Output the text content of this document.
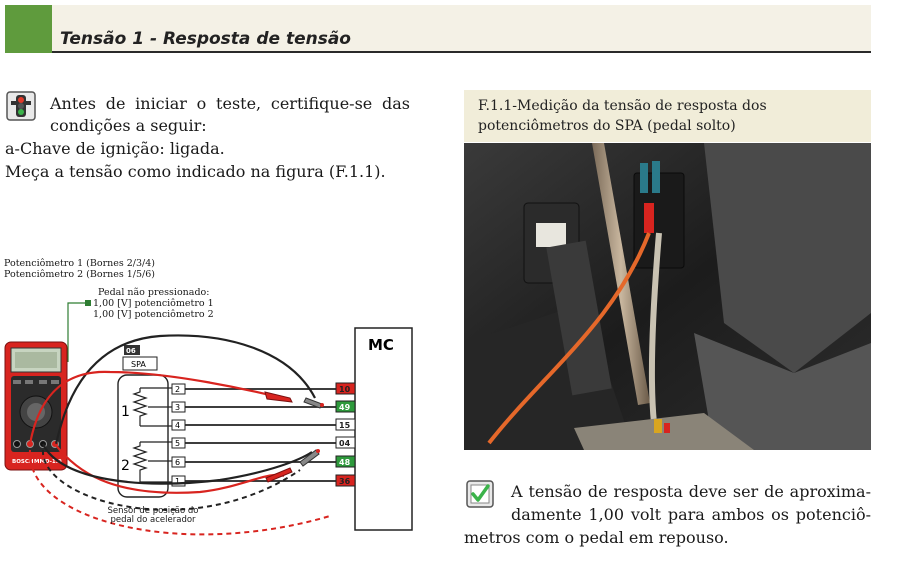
Tensão 1 - Resposta de tensão
Antes de iniciar o teste, certifique-se das
condições a seguir:
a-Chave de ignição: ligada.
Meça a tensão como indicado na figura (F.1.1).
Potenciômetro 1 (Bornes 2/3/4)
Potenciômetro 2 (Bornes 1/5/6)
Pedal não pressionado:
1,00 [V] potenciômetro 1
1,00 [V] potenciômetro 2
BOSCH MMD-1.0
06
SPA
1
2
2
3
4
5
6
1
MC
10
49
15
04
48
36
Sensor de posição do
pedal do acelerador
F.1.1-Medição da tensão de resposta dos
potenciômetros do SPA (pedal solto)
A tensão de resposta deve ser de aproxima-
damente 1,00 volt para ambos os potenciô-
metros com o pedal em repouso.
